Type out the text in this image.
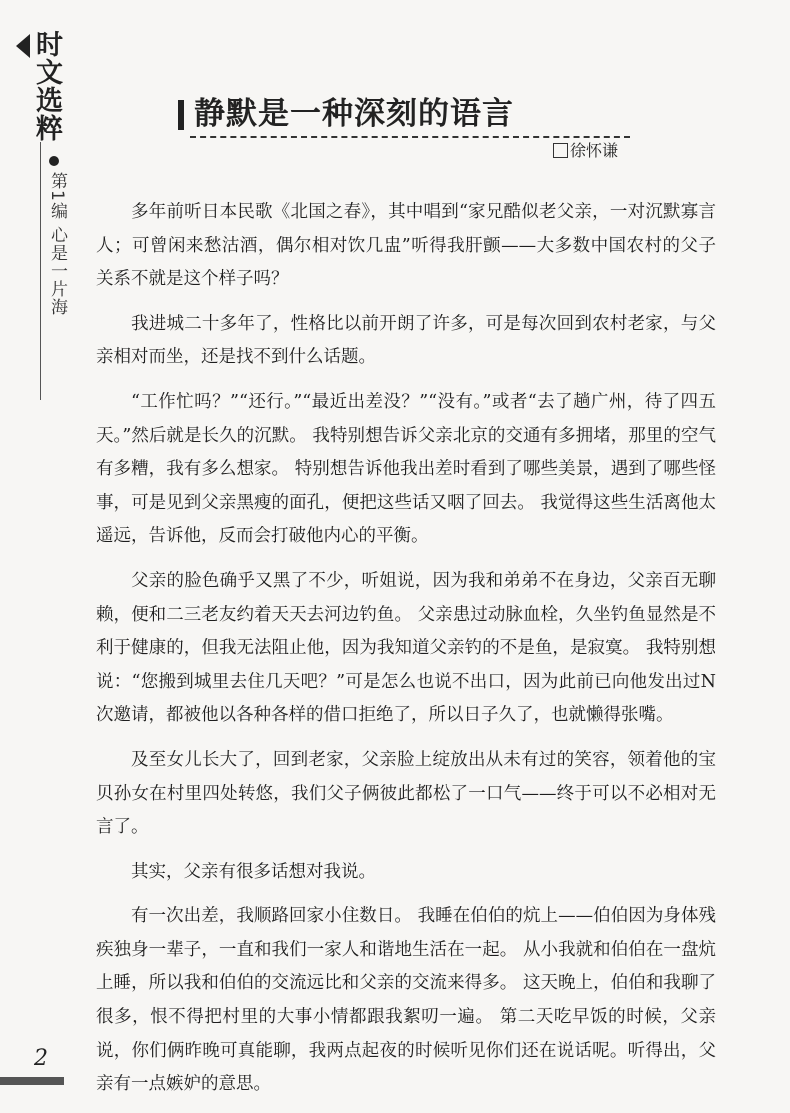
时文选粹
第1编 心是一片海
静默是一种深刻的语言
徐怀谦

多年前听日本民歌《北国之春》，其中唱到“家兄酷似老父亲，一对沉默寡言人；可曾闲来愁沽酒，偶尔相对饮几盅”听得我肝颤——大多数中国农村的父子关系不就是这个样子吗？

我进城二十多年了，性格比以前开朗了许多，可是每次回到农村老家，与父亲相对而坐，还是找不到什么话题。

“工作忙吗？”“还行。”“最近出差没？”“没有。”或者“去了趟广州，待了四五天。”然后就是长久的沉默。 我特别想告诉父亲北京的交通有多拥堵，那里的空气有多糟，我有多么想家。 特别想告诉他我出差时看到了哪些美景，遇到了哪些怪事，可是见到父亲黑瘦的面孔，便把这些话又咽了回去。 我觉得这些生活离他太遥远，告诉他，反而会打破他内心的平衡。

父亲的脸色确乎又黑了不少，听姐说，因为我和弟弟不在身边，父亲百无聊赖，便和二三老友约着天天去河边钓鱼。 父亲患过动脉血栓，久坐钓鱼显然是不利于健康的，但我无法阻止他，因为我知道父亲钓的不是鱼，是寂寞。 我特别想说：“您搬到城里去住几天吧？”可是怎么也说不出口，因为此前已向他发出过N次邀请，都被他以各种各样的借口拒绝了，所以日子久了，也就懒得张嘴。

及至女儿长大了，回到老家，父亲脸上绽放出从未有过的笑容，领着他的宝贝孙女在村里四处转悠，我们父子俩彼此都松了一口气——终于可以不必相对无言了。

其实，父亲有很多话想对我说。

有一次出差，我顺路回家小住数日。 我睡在伯伯的炕上——伯伯因为身体残疾独身一辈子，一直和我们一家人和谐地生活在一起。 从小我就和伯伯在一盘炕上睡，所以我和伯伯的交流远比和父亲的交流来得多。 这天晚上，伯伯和我聊了很多，恨不得把村里的大事小情都跟我絮叨一遍。 第二天吃早饭的时候，父亲说，你们俩昨晚可真能聊，我两点起夜的时候听见你们还在说话呢。听得出，父亲有一点嫉妒的意思。

2
